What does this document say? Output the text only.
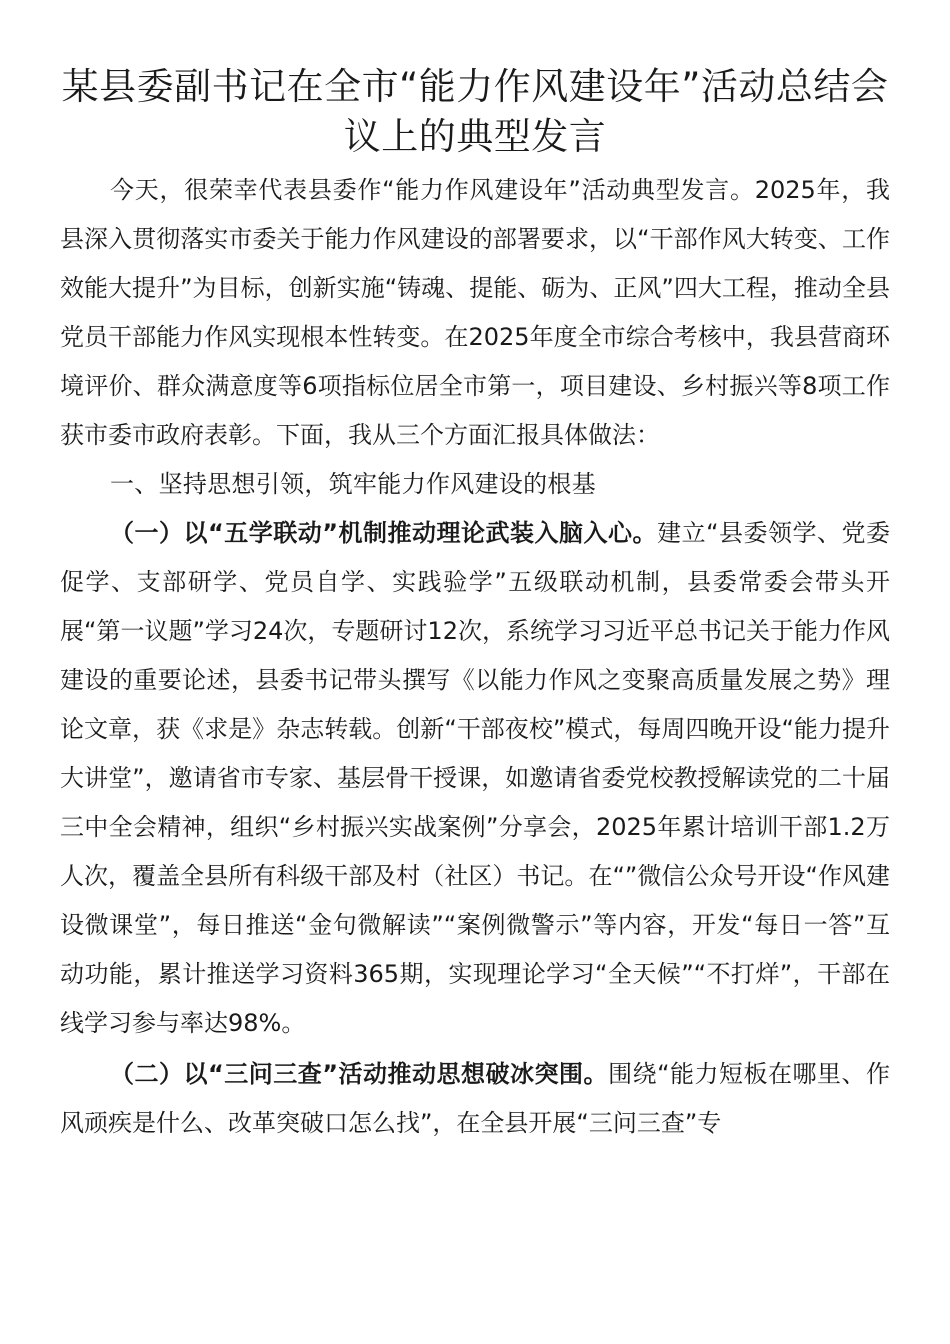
某县委副书记在全市“能力作风建设年”活动总结会议上的典型发言

今天，很荣幸代表县委作“能力作风建设年”活动典型发言。2025年，我县深入贯彻落实市委关于能力作风建设的部署要求，以“干部作风大转变、工作效能大提升”为目标，创新实施“铸魂、提能、砺为、正风”四大工程，推动全县党员干部能力作风实现根本性转变。在2025年度全市综合考核中，我县营商环境评价、群众满意度等6项指标位居全市第一，项目建设、乡村振兴等8项工作获市委市政府表彰。下面，我从三个方面汇报具体做法：

一、坚持思想引领，筑牢能力作风建设的根基

（一）以“五学联动”机制推动理论武装入脑入心。建立“县委领学、党委促学、支部研学、党员自学、实践验学”五级联动机制，县委常委会带头开展“第一议题”学习24次，专题研讨12次，系统学习习近平总书记关于能力作风建设的重要论述，县委书记带头撰写《以能力作风之变聚高质量发展之势》理论文章，获《求是》杂志转载。创新“干部夜校”模式，每周四晚开设“能力提升大讲堂”，邀请省市专家、基层骨干授课，如邀请省委党校教授解读党的二十届三中全会精神，组织“乡村振兴实战案例”分享会，2025年累计培训干部1.2万人次，覆盖全县所有科级干部及村（社区）书记。在“”微信公众号开设“作风建设微课堂”，每日推送“金句微解读”“案例微警示”等内容，开发“每日一答”互动功能，累计推送学习资料365期，实现理论学习“全天候”“不打烊”，干部在线学习参与率达98%。

（二）以“三问三查”活动推动思想破冰突围。围绕“能力短板在哪里、作风顽疾是什么、改革突破口怎么找”，在全县开展“三问三查”专
